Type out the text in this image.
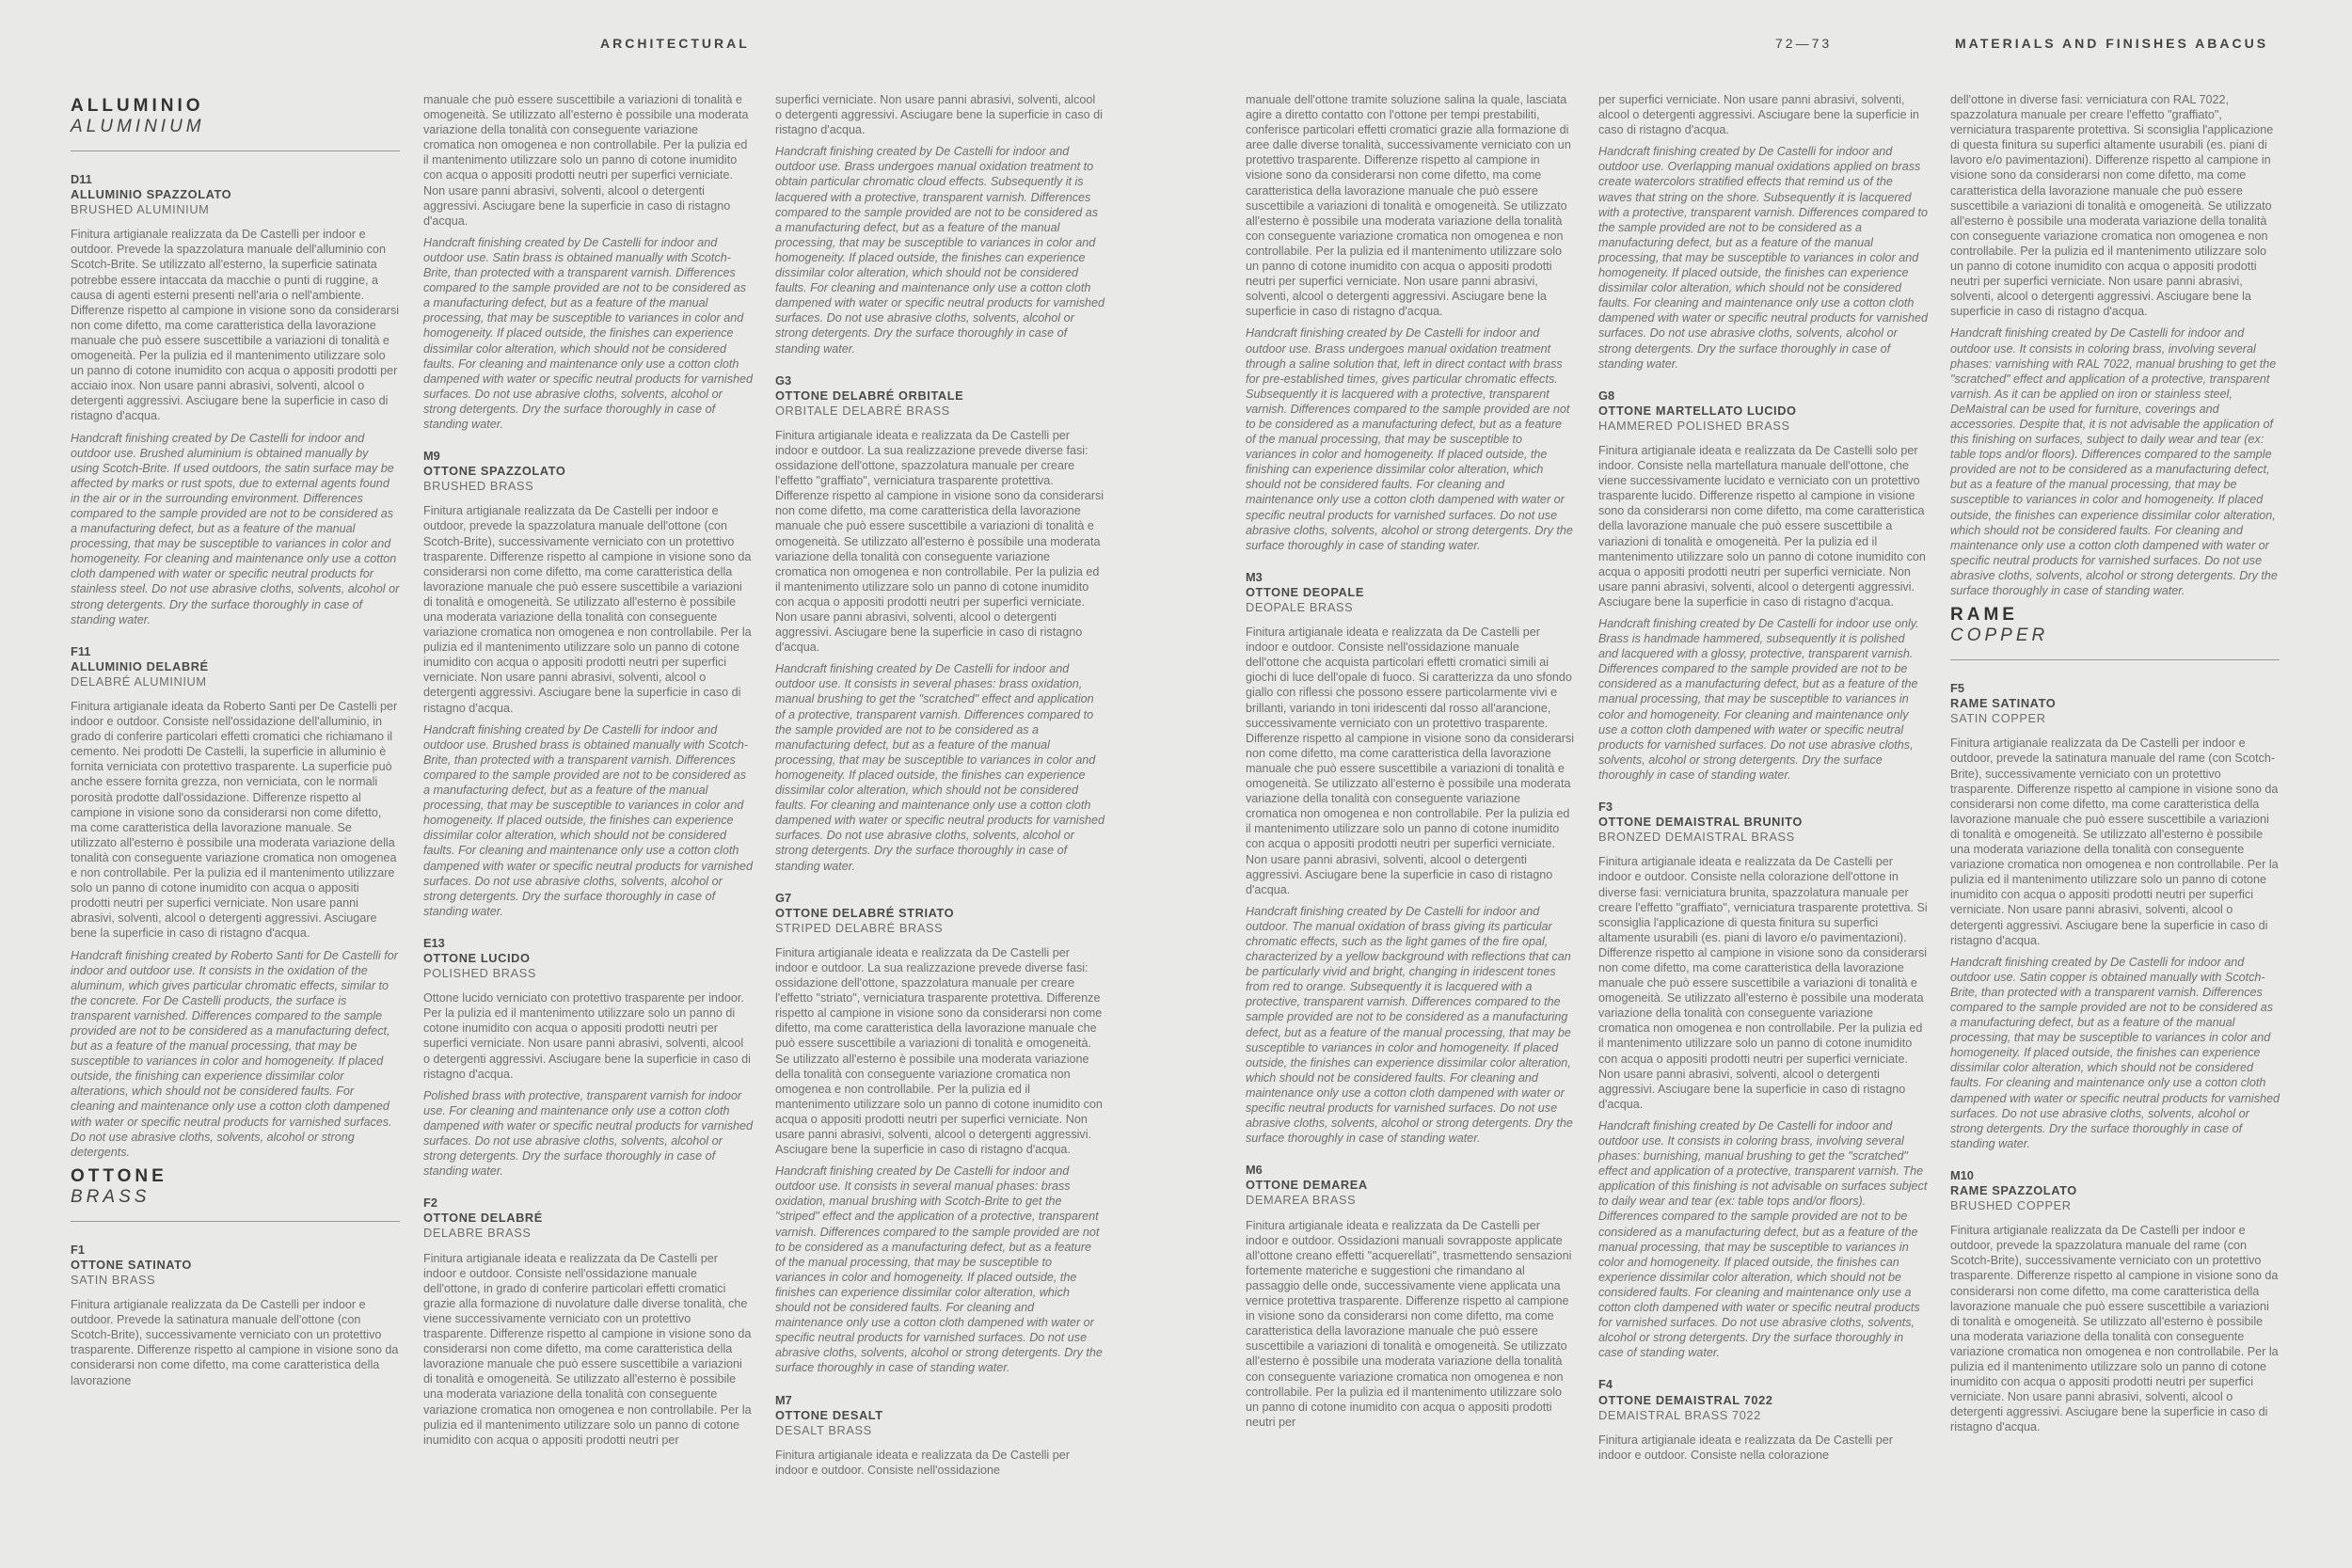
ARCHITECTURAL	72—73	MATERIALS AND FINISHES ABACUS
ALLUMINIO
ALUMINIUM
D11
ALLUMINIO SPAZZOLATO
BRUSHED ALUMINIUM

Finitura artigianale realizzata da De Castelli per indoor e outdoor. Prevede la spazzolatura manuale dell'alluminio con Scotch-Brite. Se utilizzato all'esterno, la superficie satinata potrebbe essere intaccata da macchie o punti di ruggine, a causa di agenti esterni presenti nell'aria o nell'ambiente. Differenze rispetto al campione in visione sono da considerarsi non come difetto, ma come caratteristica della lavorazione manuale che può essere suscettibile a variazioni di tonalità e omogeneità. Per la pulizia ed il mantenimento utilizzare solo un panno di cotone inumidito con acqua o appositi prodotti per acciaio inox. Non usare panni abrasivi, solventi, alcool o detergenti aggressivi. Asciugare bene la superficie in caso di ristagno d'acqua.

Handcraft finishing created by De Castelli for indoor and outdoor use. Brushed aluminium is obtained manually by using Scotch-Brite. If used outdoors, the satin surface may be affected by marks or rust spots, due to external agents found in the air or in the surrounding environment. Differences compared to the sample provided are not to be considered as a manufacturing defect, but as a feature of the manual processing, that may be susceptible to variances in color and homogeneity. For cleaning and maintenance only use a cotton cloth dampened with water or specific neutral products for stainless steel. Do not use abrasive cloths, solvents, alcohol or strong detergents. Dry the surface thoroughly in case of standing water.

F11
ALLUMINIO DELABRÉ
DELABRÉ ALUMINIUM

Finitura artigianale ideata da Roberto Santi per De Castelli per indoor e outdoor. Consiste nell'ossidazione dell'alluminio, in grado di conferire particolari effetti cromatici che richiamano il cemento. Nei prodotti De Castelli, la superficie in alluminio è fornita verniciata con protettivo trasparente. La superficie può anche essere fornita grezza, non verniciata, con le normali porosità prodotte dall'ossidazione. Differenze rispetto al campione in visione sono da considerarsi non come difetto, ma come caratteristica della lavorazione manuale. Se utilizzato all'esterno è possibile una moderata variazione della tonalità con conseguente variazione cromatica non omogenea e non controllabile. Per la pulizia ed il mantenimento utilizzare solo un panno di cotone inumidito con acqua o appositi prodotti neutri per superfici verniciate. Non usare panni abrasivi, solventi, alcool o detergenti aggressivi. Asciugare bene la superficie in caso di ristagno d'acqua.

Handcraft finishing created by Roberto Santi for De Castelli for indoor and outdoor use. It consists in the oxidation of the aluminum, which gives particular chromatic effects, similar to the concrete. For De Castelli products, the surface is transparent varnished. Differences compared to the sample provided are not to be considered as a manufacturing defect, but as a feature of the manual processing, that may be susceptible to variances in color and homogeneity. If placed outside, the finishing can experience dissimilar color alterations, which should not be considered faults. For cleaning and maintenance only use a cotton cloth dampened with water or specific neutral products for varnished surfaces. Do not use abrasive cloths, solvents, alcohol or strong detergents.

OTTONE
BRASS
F1
OTTONE SATINATO
SATIN BRASS

Finitura artigianale realizzata da De Castelli per indoor e outdoor. Prevede la satinatura manuale dell'ottone (con Scotch-Brite), successivamente verniciato con un protettivo trasparente. Differenze rispetto al campione in visione sono da considerarsi non come difetto, ma come caratteristica della lavorazione

manuale che può essere suscettibile a variazioni di tonalità e omogeneità. Se utilizzato all'esterno è possibile una moderata variazione della tonalità con conseguente variazione cromatica non omogenea e non controllabile. Per la pulizia ed il mantenimento utilizzare solo un panno di cotone inumidito con acqua o appositi prodotti neutri per superfici verniciate. Non usare panni abrasivi, solventi, alcool o detergenti aggressivi. Asciugare bene la superficie in caso di ristagno d'acqua.

Handcraft finishing created by De Castelli for indoor and outdoor use. Satin brass is obtained manually with Scotch-Brite, than protected with a transparent varnish. Differences compared to the sample provided are not to be considered as a manufacturing defect, but as a feature of the manual processing, that may be susceptible to variances in color and homogeneity. If placed outside, the finishes can experience dissimilar color alteration, which should not be considered faults. For cleaning and maintenance only use a cotton cloth dampened with water or specific neutral products for varnished surfaces. Do not use abrasive cloths, solvents, alcohol or strong detergents. Dry the surface thoroughly in case of standing water.

M9
OTTONE SPAZZOLATO
BRUSHED BRASS

Finitura artigianale realizzata da De Castelli per indoor e outdoor, prevede la spazzolatura manuale dell'ottone (con Scotch-Brite), successivamente verniciato con un protettivo trasparente. Differenze rispetto al campione in visione sono da considerarsi non come difetto, ma come caratteristica della lavorazione manuale che può essere suscettibile a variazioni di tonalità e omogeneità. Se utilizzato all'esterno è possibile una moderata variazione della tonalità con conseguente variazione cromatica non omogenea e non controllabile. Per la pulizia ed il mantenimento utilizzare solo un panno di cotone inumidito con acqua o appositi prodotti neutri per superfici verniciate. Non usare panni abrasivi, solventi, alcool o detergenti aggressivi. Asciugare bene la superficie in caso di ristagno d'acqua.

Handcraft finishing created by De Castelli for indoor and outdoor use. Brushed brass is obtained manually with Scotch-Brite, than protected with a transparent varnish. Differences compared to the sample provided are not to be considered as a manufacturing defect, but as a feature of the manual processing, that may be susceptible to variances in color and homogeneity. If placed outside, the finishes can experience dissimilar color alteration, which should not be considered faults. For cleaning and maintenance only use a cotton cloth dampened with water or specific neutral products for varnished surfaces. Do not use abrasive cloths, solvents, alcohol or strong detergents. Dry the surface thoroughly in case of standing water.

E13
OTTONE LUCIDO
POLISHED BRASS

Ottone lucido verniciato con protettivo trasparente per indoor. Per la pulizia ed il mantenimento utilizzare solo un panno di cotone inumidito con acqua o appositi prodotti neutri per superfici verniciate. Non usare panni abrasivi, solventi, alcool o detergenti aggressivi. Asciugare bene la superficie in caso di ristagno d'acqua.

Polished brass with protective, transparent varnish for indoor use. For cleaning and maintenance only use a cotton cloth dampened with water or specific neutral products for varnished surfaces. Do not use abrasive cloths, solvents, alcohol or strong detergents. Dry the surface thoroughly in case of standing water.

F2
OTTONE DELABRÉ
DELABRE BRASS

Finitura artigianale ideata e realizzata da De Castelli per indoor e outdoor. Consiste nell'ossidazione manuale dell'ottone, in grado di conferire particolari effetti cromatici grazie alla formazione di nuvolature dalle diverse tonalità, che viene successivamente verniciato con un protettivo trasparente. Differenze rispetto al campione in visione sono da considerarsi non come difetto, ma come caratteristica della lavorazione manuale che può essere suscettibile a variazioni di tonalità e omogeneità. Se utilizzato all'esterno è possibile una moderata variazione della tonalità con conseguente variazione cromatica non omogenea e non controllabile. Per la pulizia ed il mantenimento utilizzare solo un panno di cotone inumidito con acqua o appositi prodotti neutri per

superfici verniciate. Non usare panni abrasivi, solventi, alcool o detergenti aggressivi. Asciugare bene la superficie in caso di ristagno d'acqua.

Handcraft finishing created by De Castelli for indoor and outdoor use. Brass undergoes manual oxidation treatment to obtain particular chromatic cloud effects. Subsequently it is lacquered with a protective, transparent varnish. Differences compared to the sample provided are not to be considered as a manufacturing defect, but as a feature of the manual processing, that may be susceptible to variances in color and homogeneity. If placed outside, the finishes can experience dissimilar color alteration, which should not be considered faults. For cleaning and maintenance only use a cotton cloth dampened with water or specific neutral products for varnished surfaces. Do not use abrasive cloths, solvents, alcohol or strong detergents. Dry the surface thoroughly in case of standing water.

G3
OTTONE DELABRÉ ORBITALE
ORBITALE DELABRÉ BRASS

Finitura artigianale ideata e realizzata da De Castelli per indoor e outdoor. La sua realizzazione prevede diverse fasi: ossidazione dell'ottone, spazzolatura manuale per creare l'effetto "graffiato", verniciatura trasparente protettiva. Differenze rispetto al campione in visione sono da considerarsi non come difetto, ma come caratteristica della lavorazione manuale che può essere suscettibile a variazioni di tonalità e omogeneità. Se utilizzato all'esterno è possibile una moderata variazione della tonalità con conseguente variazione cromatica non omogenea e non controllabile. Per la pulizia ed il mantenimento utilizzare solo un panno di cotone inumidito con acqua o appositi prodotti neutri per superfici verniciate. Non usare panni abrasivi, solventi, alcool o detergenti aggressivi. Asciugare bene la superficie in caso di ristagno d'acqua.

Handcraft finishing created by De Castelli for indoor and outdoor use. It consists in several phases: brass oxidation, manual brushing to get the "scratched" effect and application of a protective, transparent varnish. Differences compared to the sample provided are not to be considered as a manufacturing defect, but as a feature of the manual processing, that may be susceptible to variances in color and homogeneity. If placed outside, the finishes can experience dissimilar color alteration, which should not be considered faults. For cleaning and maintenance only use a cotton cloth dampened with water or specific neutral products for varnished surfaces. Do not use abrasive cloths, solvents, alcohol or strong detergents. Dry the surface thoroughly in case of standing water.

G7
OTTONE DELABRÉ STRIATO
STRIPED DELABRÉ BRASS

Finitura artigianale ideata e realizzata da De Castelli per indoor e outdoor. La sua realizzazione prevede diverse fasi: ossidazione dell'ottone, spazzolatura manuale per creare l'effetto "striato", verniciatura trasparente protettiva. Differenze rispetto al campione in visione sono da considerarsi non come difetto, ma come caratteristica della lavorazione manuale che può essere suscettibile a variazioni di tonalità e omogeneità. Se utilizzato all'esterno è possibile una moderata variazione della tonalità con conseguente variazione cromatica non omogenea e non controllabile. Per la pulizia ed il mantenimento utilizzare solo un panno di cotone inumidito con acqua o appositi prodotti neutri per superfici verniciate. Non usare panni abrasivi, solventi, alcool o detergenti aggressivi. Asciugare bene la superficie in caso di ristagno d'acqua.

Handcraft finishing created by De Castelli for indoor and outdoor use. It consists in several manual phases: brass oxidation, manual brushing with Scotch-Brite to get the "striped" effect and the application of a protective, transparent varnish. Differences compared to the sample provided are not to be considered as a manufacturing defect, but as a feature of the manual processing, that may be susceptible to variances in color and homogeneity. If placed outside, the finishes can experience dissimilar color alteration, which should not be considered faults. For cleaning and maintenance only use a cotton cloth dampened with water or specific neutral products for varnished surfaces. Do not use abrasive cloths, solvents, alcohol or strong detergents. Dry the surface thoroughly in case of standing water.

M7
OTTONE DESALT
DESALT BRASS

Finitura artigianale ideata e realizzata da De Castelli per indoor e outdoor. Consiste nell'ossidazione

manuale dell'ottone tramite soluzione salina la quale, lasciata agire a diretto contatto con l'ottone per tempi prestabiliti, conferisce particolari effetti cromatici grazie alla formazione di aree dalle diverse tonalità, successivamente verniciato con un protettivo trasparente. Differenze rispetto al campione in visione sono da considerarsi non come difetto, ma come caratteristica della lavorazione manuale che può essere suscettibile a variazioni di tonalità e omogeneità. Se utilizzato all'esterno è possibile una moderata variazione della tonalità con conseguente variazione cromatica non omogenea e non controllabile. Per la pulizia ed il mantenimento utilizzare solo un panno di cotone inumidito con acqua o appositi prodotti neutri per superfici verniciate. Non usare panni abrasivi, solventi, alcool o detergenti aggressivi. Asciugare bene la superficie in caso di ristagno d'acqua.

Handcraft finishing created by De Castelli for indoor and outdoor use. Brass undergoes manual oxidation treatment through a saline solution that, left in direct contact with brass for pre-established times, gives particular chromatic effects. Subsequently it is lacquered with a protective, transparent varnish. Differences compared to the sample provided are not to be considered as a manufacturing defect, but as a feature of the manual processing, that may be susceptible to variances in color and homogeneity. If placed outside, the finishing can experience dissimilar color alteration, which should not be considered faults. For cleaning and maintenance only use a cotton cloth dampened with water or specific neutral products for varnished surfaces. Do not use abrasive cloths, solvents, alcohol or strong detergents. Dry the surface thoroughly in case of standing water.

M3
OTTONE DEOPALE
DEOPALE BRASS

Finitura artigianale ideata e realizzata da De Castelli per indoor e outdoor. Consiste nell'ossidazione manuale dell'ottone che acquista particolari effetti cromatici simili ai giochi di luce dell'opale di fuoco. Si caratterizza da uno sfondo giallo con riflessi che possono essere particolarmente vivi e brillanti, variando in toni iridescenti dal rosso all'arancione, successivamente verniciato con un protettivo trasparente. Differenze rispetto al campione in visione sono da considerarsi non come difetto, ma come caratteristica della lavorazione manuale che può essere suscettibile a variazioni di tonalità e omogeneità. Se utilizzato all'esterno è possibile una moderata variazione della tonalità con conseguente variazione cromatica non omogenea e non controllabile. Per la pulizia ed il mantenimento utilizzare solo un panno di cotone inumidito con acqua o appositi prodotti neutri per superfici verniciate. Non usare panni abrasivi, solventi, alcool o detergenti aggressivi. Asciugare bene la superficie in caso di ristagno d'acqua.

Handcraft finishing created by De Castelli for indoor and outdoor. The manual oxidation of brass giving its particular chromatic effects, such as the light games of the fire opal, characterized by a yellow background with reflections that can be particularly vivid and bright, changing in iridescent tones from red to orange. Subsequently it is lacquered with a protective, transparent varnish. Differences compared to the sample provided are not to be considered as a manufacturing defect, but as a feature of the manual processing, that may be susceptible to variances in color and homogeneity. If placed outside, the finishes can experience dissimilar color alteration, which should not be considered faults. For cleaning and maintenance only use a cotton cloth dampened with water or specific neutral products for varnished surfaces. Do not use abrasive cloths, solvents, alcohol or strong detergents. Dry the surface thoroughly in case of standing water.

M6
OTTONE DEMAREA
DEMAREA BRASS

Finitura artigianale ideata e realizzata da De Castelli per indoor e outdoor. Ossidazioni manuali sovrapposte applicate all'ottone creano effetti "acquerellati", trasmettendo sensazioni fortemente materiche e suggestioni che rimandano al passaggio delle onde, successivamente viene applicata una vernice protettiva trasparente. Differenze rispetto al campione in visione sono da considerarsi non come difetto, ma come caratteristica della lavorazione manuale che può essere suscettibile a variazioni di tonalità e omogeneità. Se utilizzato all'esterno è possibile una moderata variazione della tonalità con conseguente variazione cromatica non omogenea e non controllabile. Per la pulizia ed il mantenimento utilizzare solo un panno di cotone inumidito con acqua o appositi prodotti neutri per

per superfici verniciate. Non usare panni abrasivi, solventi, alcool o detergenti aggressivi. Asciugare bene la superficie in caso di ristagno d'acqua.

Handcraft finishing created by De Castelli for indoor and outdoor use. Overlapping manual oxidations applied on brass create watercolors stratified effects that remind us of the waves that string on the shore. Subsequently it is lacquered with a protective, transparent varnish. Differences compared to the sample provided are not to be considered as a manufacturing defect, but as a feature of the manual processing, that may be susceptible to variances in color and homogeneity. If placed outside, the finishes can experience dissimilar color alteration, which should not be considered faults. For cleaning and maintenance only use a cotton cloth dampened with water or specific neutral products for varnished surfaces. Do not use abrasive cloths, solvents, alcohol or strong detergents. Dry the surface thoroughly in case of standing water.

G8
OTTONE MARTELLATO LUCIDO
HAMMERED POLISHED BRASS

Finitura artigianale ideata e realizzata da De Castelli solo per indoor. Consiste nella martellatura manuale dell'ottone, che viene successivamente lucidato e verniciato con un protettivo trasparente lucido. Differenze rispetto al campione in visione sono da considerarsi non come difetto, ma come caratteristica della lavorazione manuale che può essere suscettibile a variazioni di tonalità e omogeneità. Per la pulizia ed il mantenimento utilizzare solo un panno di cotone inumidito con acqua o appositi prodotti neutri per superfici verniciate. Non usare panni abrasivi, solventi, alcool o detergenti aggressivi. Asciugare bene la superficie in caso di ristagno d'acqua.

Handcraft finishing created by De Castelli for indoor use only. Brass is handmade hammered, subsequently it is polished and lacquered with a glossy, protective, transparent varnish. Differences compared to the sample provided are not to be considered as a manufacturing defect, but as a feature of the manual processing, that may be susceptible to variances in color and homogeneity. For cleaning and maintenance only use a cotton cloth dampened with water or specific neutral products for varnished surfaces. Do not use abrasive cloths, solvents, alcohol or strong detergents. Dry the surface thoroughly in case of standing water.

F3
OTTONE DEMAISTRAL BRUNITO
BRONZED DEMAISTRAL BRASS

Finitura artigianale ideata e realizzata da De Castelli per indoor e outdoor. Consiste nella colorazione dell'ottone in diverse fasi: verniciatura brunita, spazzolatura manuale per creare l'effetto "graffiato", verniciatura trasparente protettiva. Si sconsiglia l'applicazione di questa finitura su superfici altamente usurabili (es. piani di lavoro e/o pavimentazioni). Differenze rispetto al campione in visione sono da considerarsi non come difetto, ma come caratteristica della lavorazione manuale che può essere suscettibile a variazioni di tonalità e omogeneità. Se utilizzato all'esterno è possibile una moderata variazione della tonalità con conseguente variazione cromatica non omogenea e non controllabile. Per la pulizia ed il mantenimento utilizzare solo un panno di cotone inumidito con acqua o appositi prodotti neutri per superfici verniciate. Non usare panni abrasivi, solventi, alcool o detergenti aggressivi. Asciugare bene la superficie in caso di ristagno d'acqua.

Handcraft finishing created by De Castelli for indoor and outdoor use. It consists in coloring brass, involving several phases: burnishing, manual brushing to get the "scratched" effect and application of a protective, transparent varnish. The application of this finishing is not advisable on surfaces subject to daily wear and tear (ex: table tops and/or floors). Differences compared to the sample provided are not to be considered as a manufacturing defect, but as a feature of the manual processing, that may be susceptible to variances in color and homogeneity. If placed outside, the finishes can experience dissimilar color alteration, which should not be considered faults. For cleaning and maintenance only use a cotton cloth dampened with water or specific neutral products for varnished surfaces. Do not use abrasive cloths, solvents, alcohol or strong detergents. Dry the surface thoroughly in case of standing water.

F4
OTTONE DEMAISTRAL 7022
DEMAISTRAL BRASS 7022

Finitura artigianale ideata e realizzata da De Castelli per indoor e outdoor. Consiste nella colorazione

dell'ottone in diverse fasi: verniciatura con RAL 7022, spazzolatura manuale per creare l'effetto "graffiato", verniciatura trasparente protettiva. Si sconsiglia l'applicazione di questa finitura su superfici altamente usurabili (es. piani di lavoro e/o pavimentazioni). Differenze rispetto al campione in visione sono da considerarsi non come difetto, ma come caratteristica della lavorazione manuale che può essere suscettibile a variazioni di tonalità e omogeneità. Se utilizzato all'esterno è possibile una moderata variazione della tonalità con conseguente variazione cromatica non omogenea e non controllabile. Per la pulizia ed il mantenimento utilizzare solo un panno di cotone inumidito con acqua o appositi prodotti neutri per superfici verniciate. Non usare panni abrasivi, solventi, alcool o detergenti aggressivi. Asciugare bene la superficie in caso di ristagno d'acqua.

Handcraft finishing created by De Castelli for indoor and outdoor use. It consists in coloring brass, involving several phases: varnishing with RAL 7022, manual brushing to get the "scratched" effect and application of a protective, transparent varnish. As it can be applied on iron or stainless steel, DeMaistral can be used for furniture, coverings and accessories. Despite that, it is not advisable the application of this finishing on surfaces, subject to daily wear and tear (ex: table tops and/or floors). Differences compared to the sample provided are not to be considered as a manufacturing defect, but as a feature of the manual processing, that may be susceptible to variances in color and homogeneity. If placed outside, the finishes can experience dissimilar color alteration, which should not be considered faults. For cleaning and maintenance only use a cotton cloth dampened with water or specific neutral products for varnished surfaces. Do not use abrasive cloths, solvents, alcohol or strong detergents. Dry the surface thoroughly in case of standing water.

RAME
COPPER
F5
RAME SATINATO
SATIN COPPER

Finitura artigianale realizzata da De Castelli per indoor e outdoor, prevede la satinatura manuale del rame (con Scotch-Brite), successivamente verniciato con un protettivo trasparente. Differenze rispetto al campione in visione sono da considerarsi non come difetto, ma come caratteristica della lavorazione manuale che può essere suscettibile a variazioni di tonalità e omogeneità. Se utilizzato all'esterno è possibile una moderata variazione della tonalità con conseguente variazione cromatica non omogenea e non controllabile. Per la pulizia ed il mantenimento utilizzare solo un panno di cotone inumidito con acqua o appositi prodotti neutri per superfici verniciate. Non usare panni abrasivi, solventi, alcool o detergenti aggressivi. Asciugare bene la superficie in caso di ristagno d'acqua.

Handcraft finishing created by De Castelli for indoor and outdoor use. Satin copper is obtained manually with Scotch-Brite, than protected with a transparent varnish. Differences compared to the sample provided are not to be considered as a manufacturing defect, but as a feature of the manual processing, that may be susceptible to variances in color and homogeneity. If placed outside, the finishes can experience dissimilar color alteration, which should not be considered faults. For cleaning and maintenance only use a cotton cloth dampened with water or specific neutral products for varnished surfaces. Do not use abrasive cloths, solvents, alcohol or strong detergents. Dry the surface thoroughly in case of standing water.

M10
RAME SPAZZOLATO
BRUSHED COPPER

Finitura artigianale realizzata da De Castelli per indoor e outdoor, prevede la spazzolatura manuale del rame (con Scotch-Brite), successivamente verniciato con un protettivo trasparente. Differenze rispetto al campione in visione sono da considerarsi non come difetto, ma come caratteristica della lavorazione manuale che può essere suscettibile a variazioni di tonalità e omogeneità. Se utilizzato all'esterno è possibile una moderata variazione della tonalità con conseguente variazione cromatica non omogenea e non controllabile. Per la pulizia ed il mantenimento utilizzare solo un panno di cotone inumidito con acqua o appositi prodotti neutri per superfici verniciate. Non usare panni abrasivi, solventi, alcool o detergenti aggressivi. Asciugare bene la superficie in caso di ristagno d'acqua.
